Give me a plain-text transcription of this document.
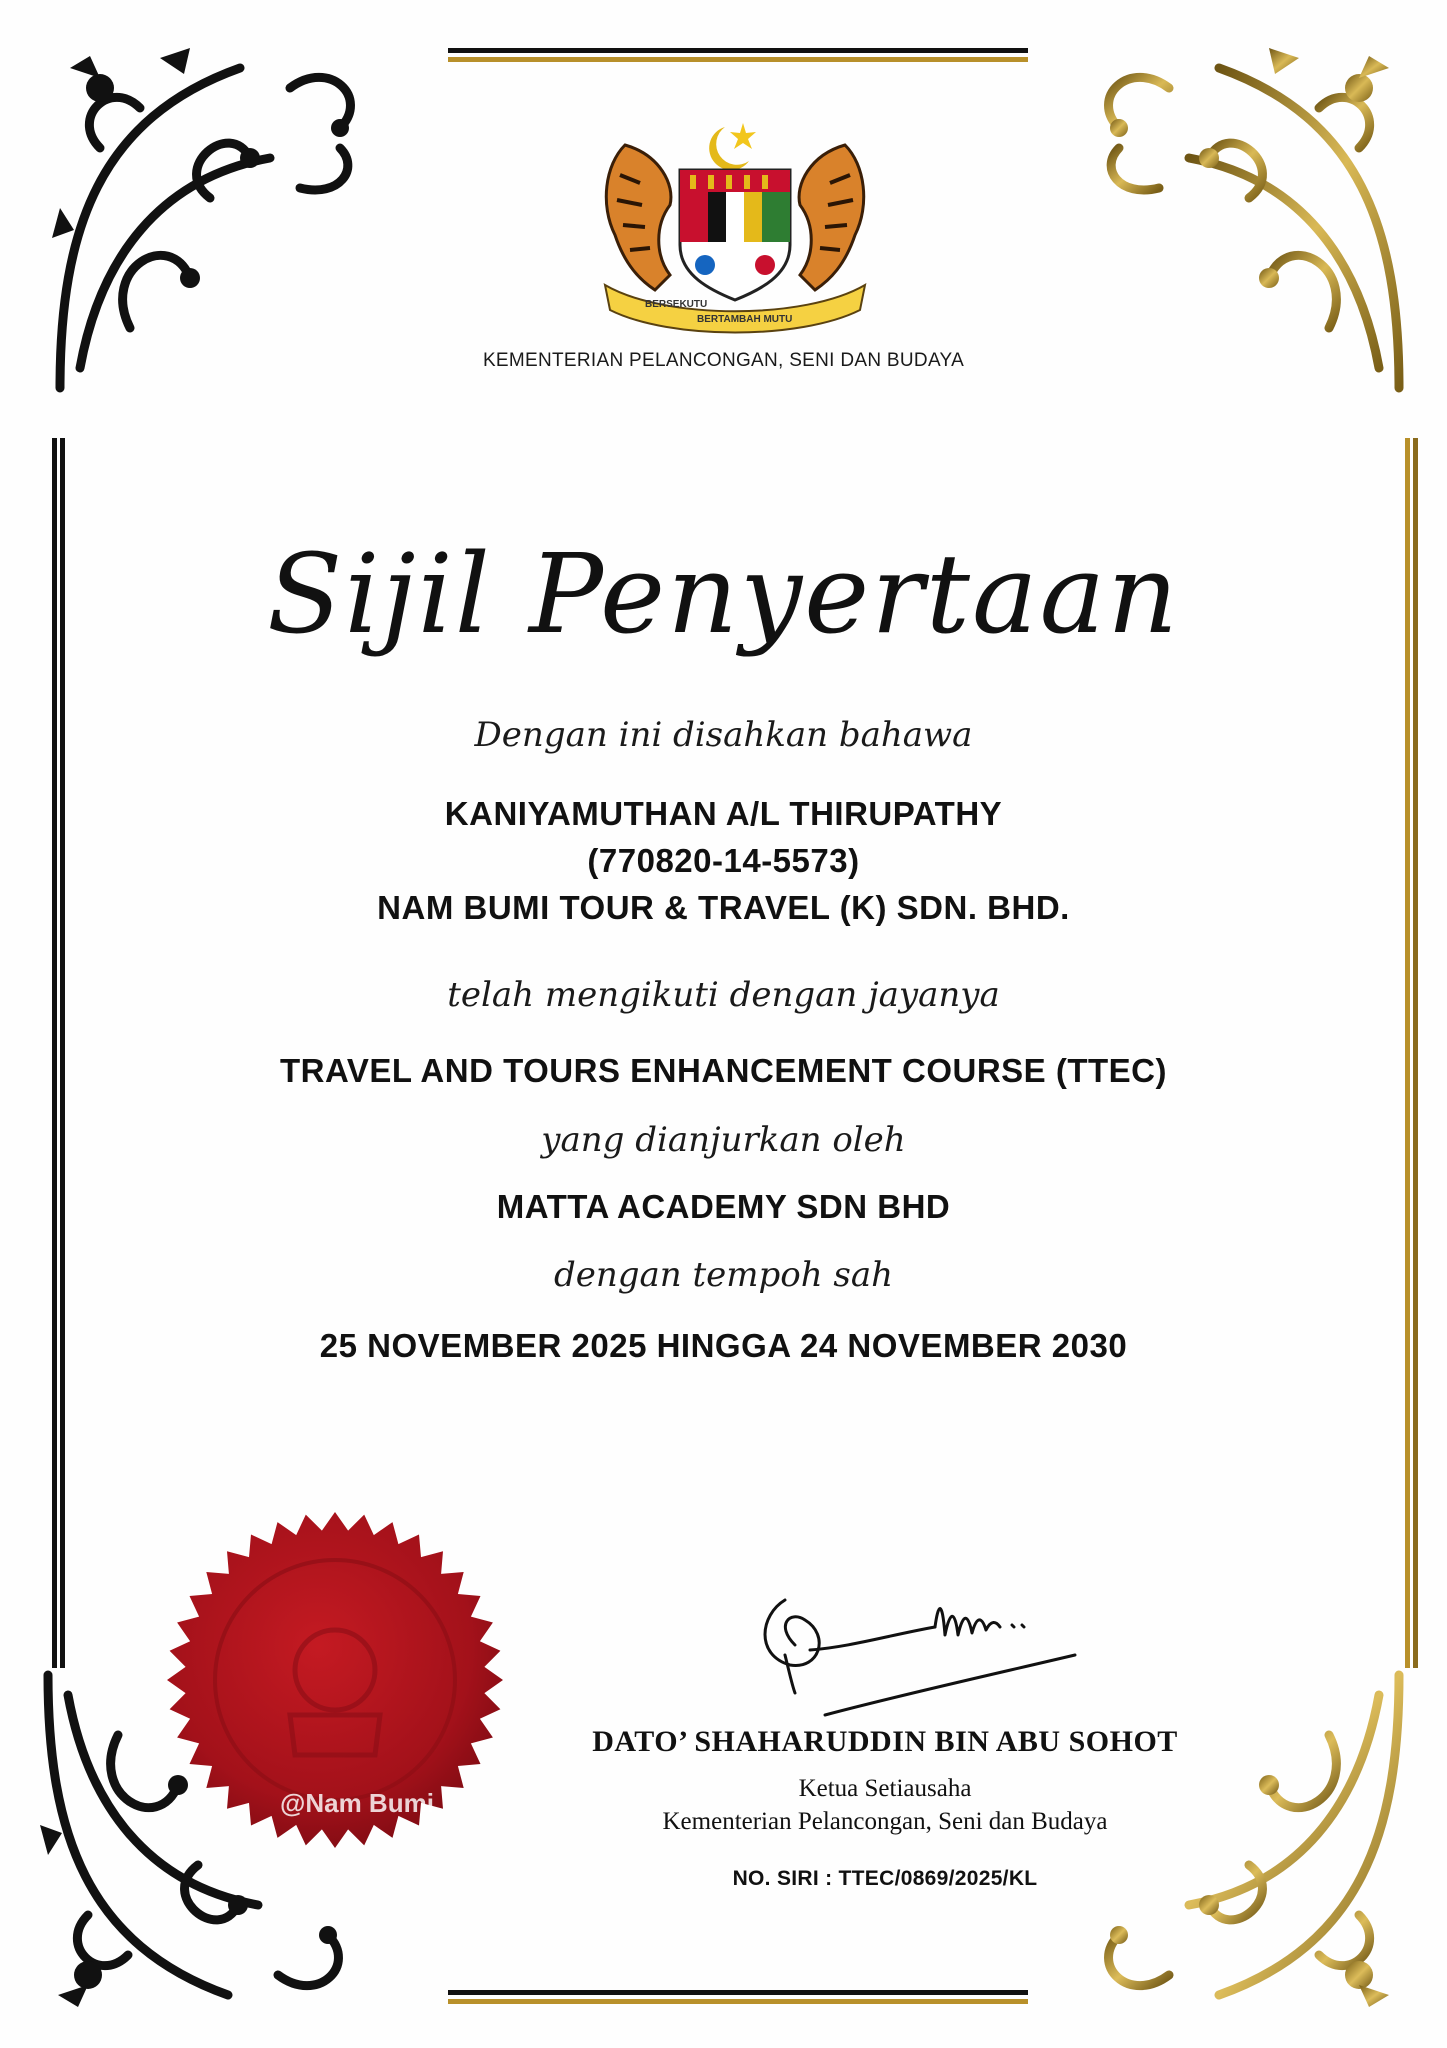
BERSEKUTU
BERTAMBAH MUTU
KEMENTERIAN PELANCONGAN, SENI DAN BUDAYA
Sijil Penyertaan
Dengan ini disahkan bahawa
KANIYAMUTHAN A/L THIRUPATHY
(770820-14-5573)
NAM BUMI TOUR & TRAVEL (K) SDN. BHD.
telah mengikuti dengan jayanya
TRAVEL AND TOURS ENHANCEMENT COURSE (TTEC)
yang dianjurkan oleh
MATTA ACADEMY SDN BHD
dengan tempoh sah
25 NOVEMBER 2025 HINGGA 24 NOVEMBER 2030
@Nam Bumi
DATO’ SHAHARUDDIN BIN ABU SOHOT
Ketua Setiausaha
Kementerian Pelancongan, Seni dan Budaya
NO. SIRI : TTEC/0869/2025/KL
